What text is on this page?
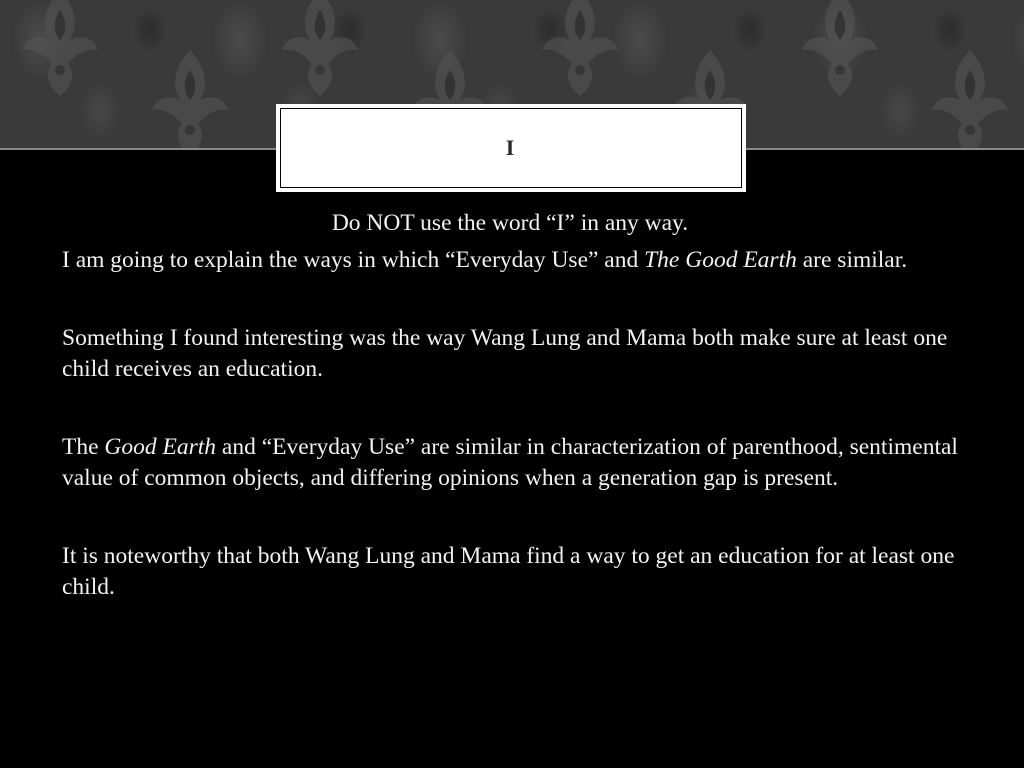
I

Do NOT use the word “I” in any way.

I am going to explain the ways in which “Everyday Use” and The Good Earth are similar.

Something I found interesting was the way Wang Lung and Mama both make sure at least one child receives an education.

The Good Earth and “Everyday Use” are similar in characterization of parenthood, sentimental value of common objects, and differing opinions when a generation gap is present.

It is noteworthy that both Wang Lung and Mama find a way to get an education for at least one child.
